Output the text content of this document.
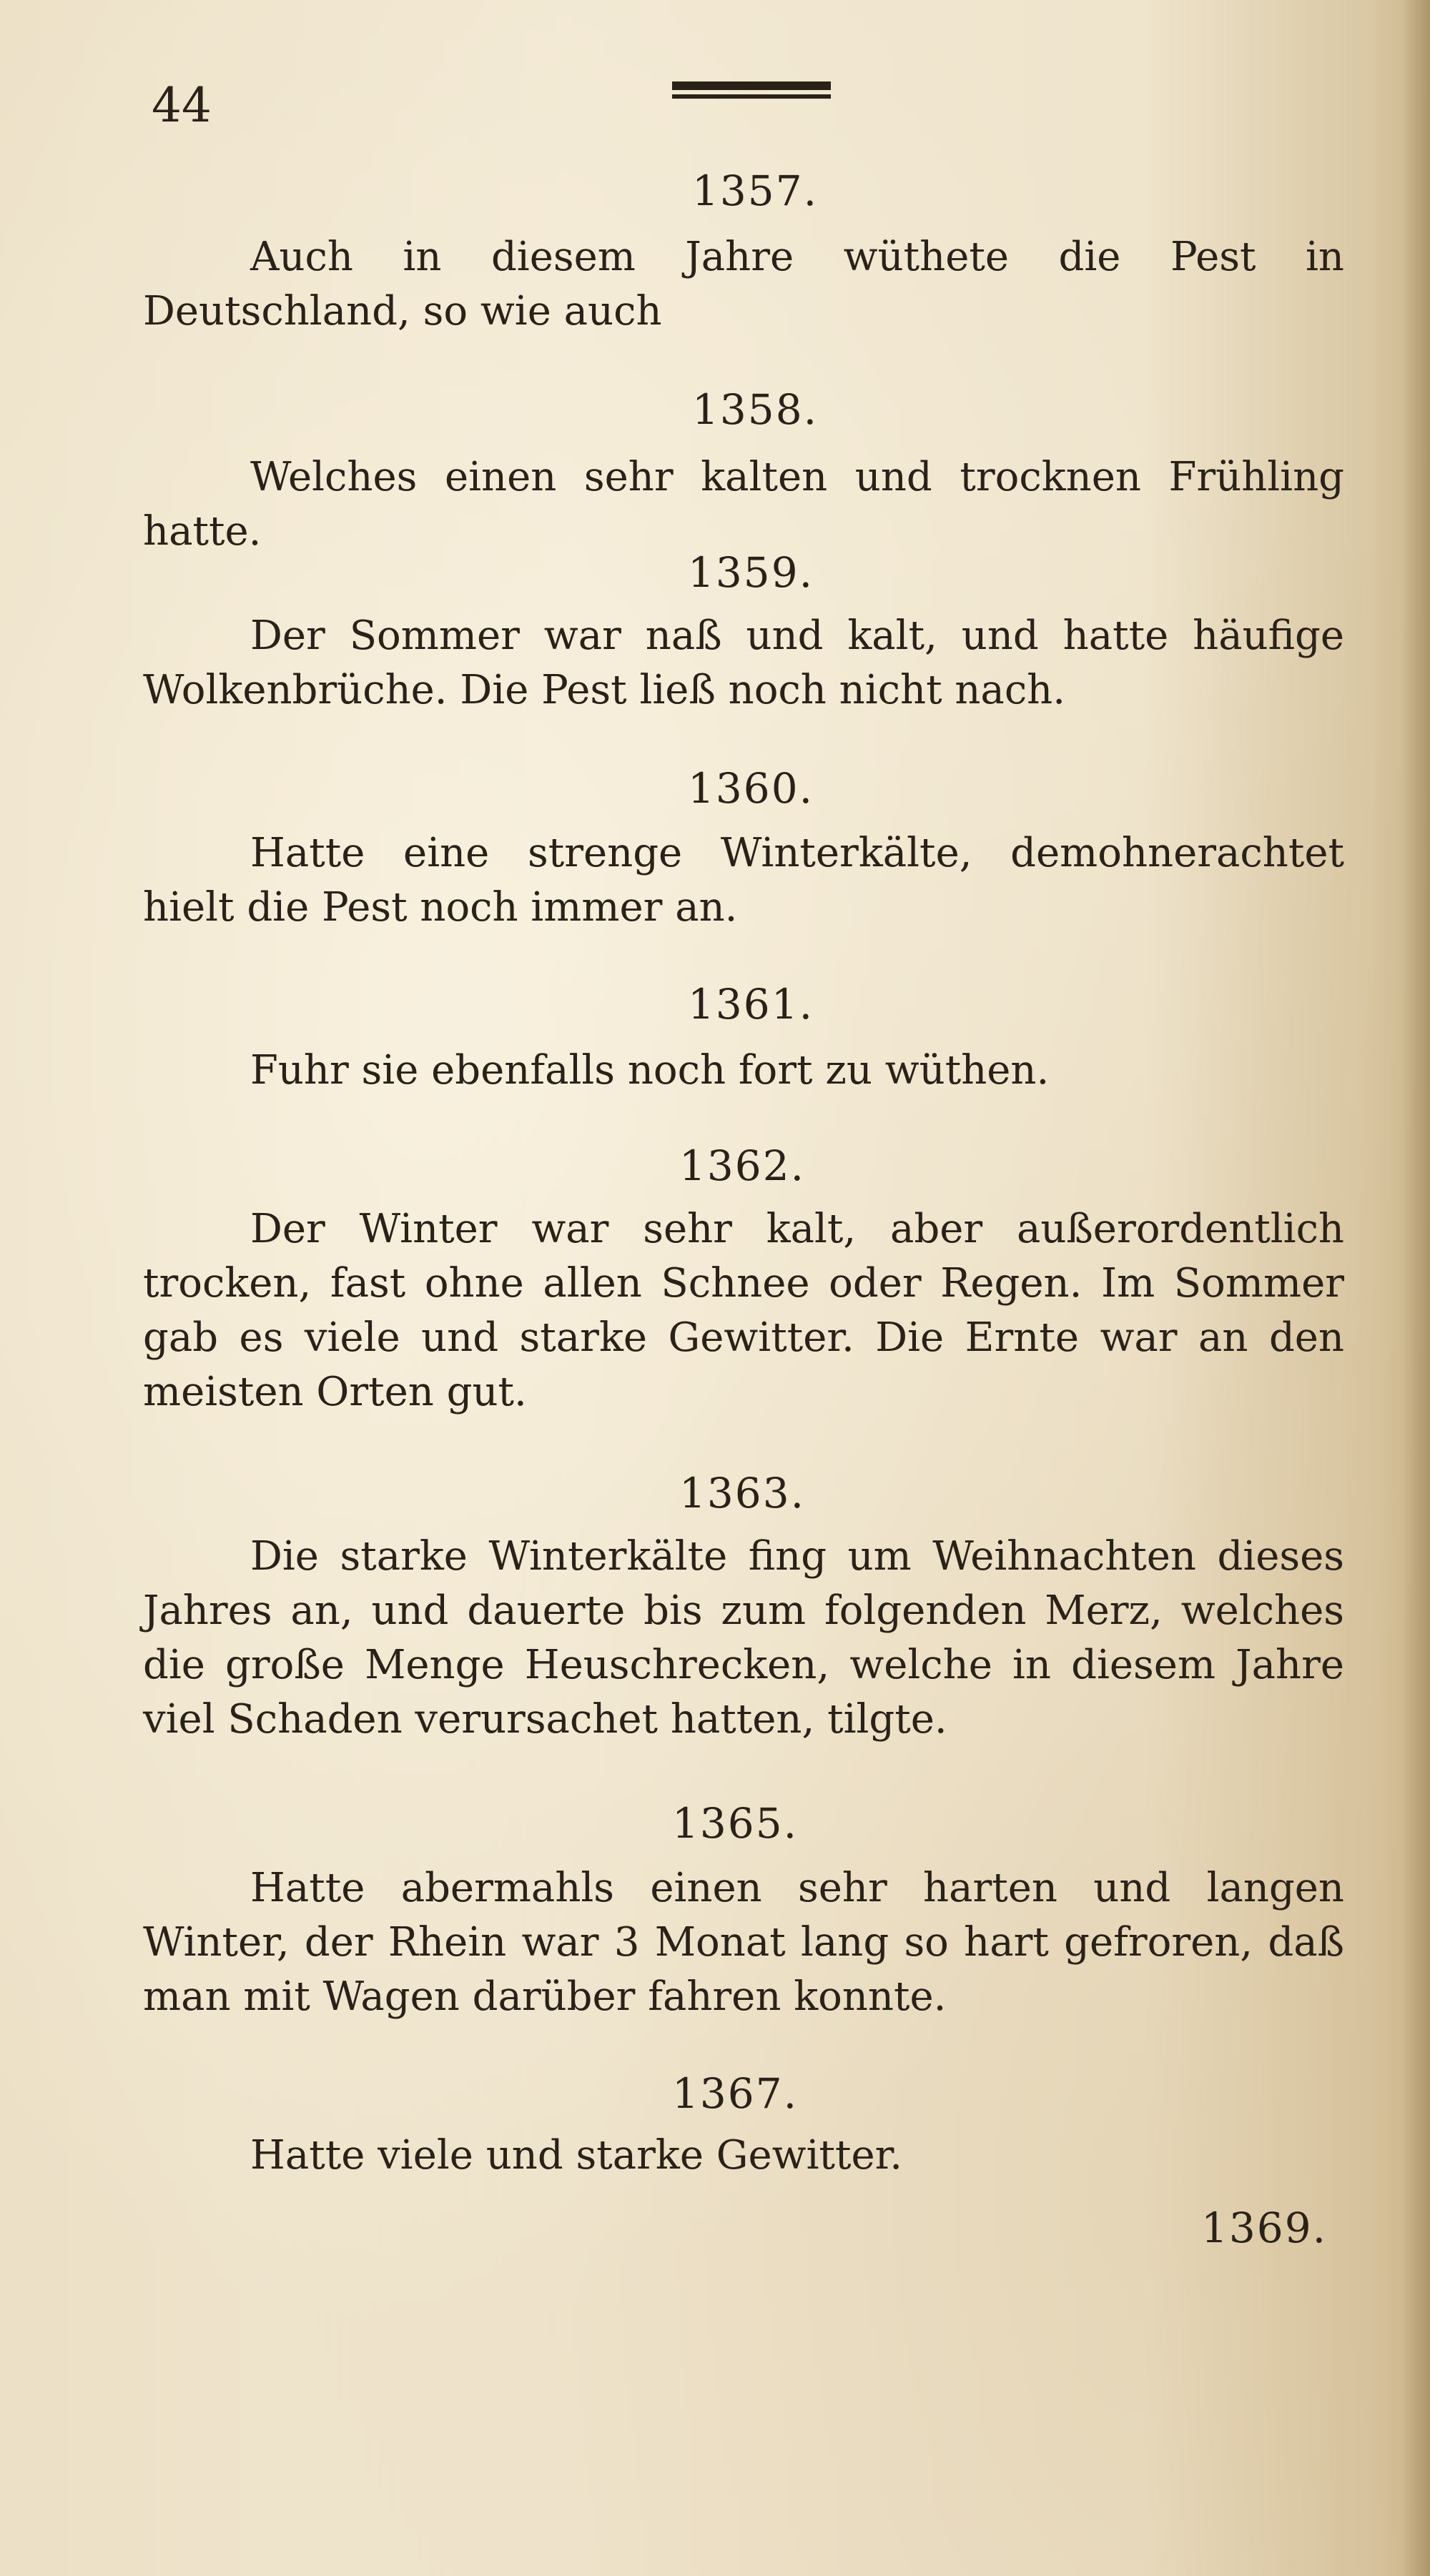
44
1357.
Auch in diesem Jahre wüthete die Pest in Deutschland, so wie auch
1358.
Welches einen sehr kalten und trocknen Frühling hatte.
1359.
Der Sommer war naß und kalt, und hatte häufige Wolkenbrüche. Die Pest ließ noch nicht nach.
1360.
Hatte eine strenge Winterkälte, demohnerachtet hielt die Pest noch immer an.
1361.
Fuhr sie ebenfalls noch fort zu wüthen.
1362.
Der Winter war sehr kalt, aber außerordentlich trocken, fast ohne allen Schnee oder Regen. Im Sommer gab es viele und starke Gewitter. Die Ernte war an den meisten Orten gut.
1363.
Die starke Winterkälte fing um Weihnachten dieses Jahres an, und dauerte bis zum folgenden Merz, welches die große Menge Heuschrecken, welche in diesem Jahre viel Schaden verursachet hatten, tilgte.
1365.
Hatte abermahls einen sehr harten und langen Winter, der Rhein war 3 Monat lang so hart gefroren, daß man mit Wagen darüber fahren konnte.
1367.
Hatte viele und starke Gewitter.
1369.
